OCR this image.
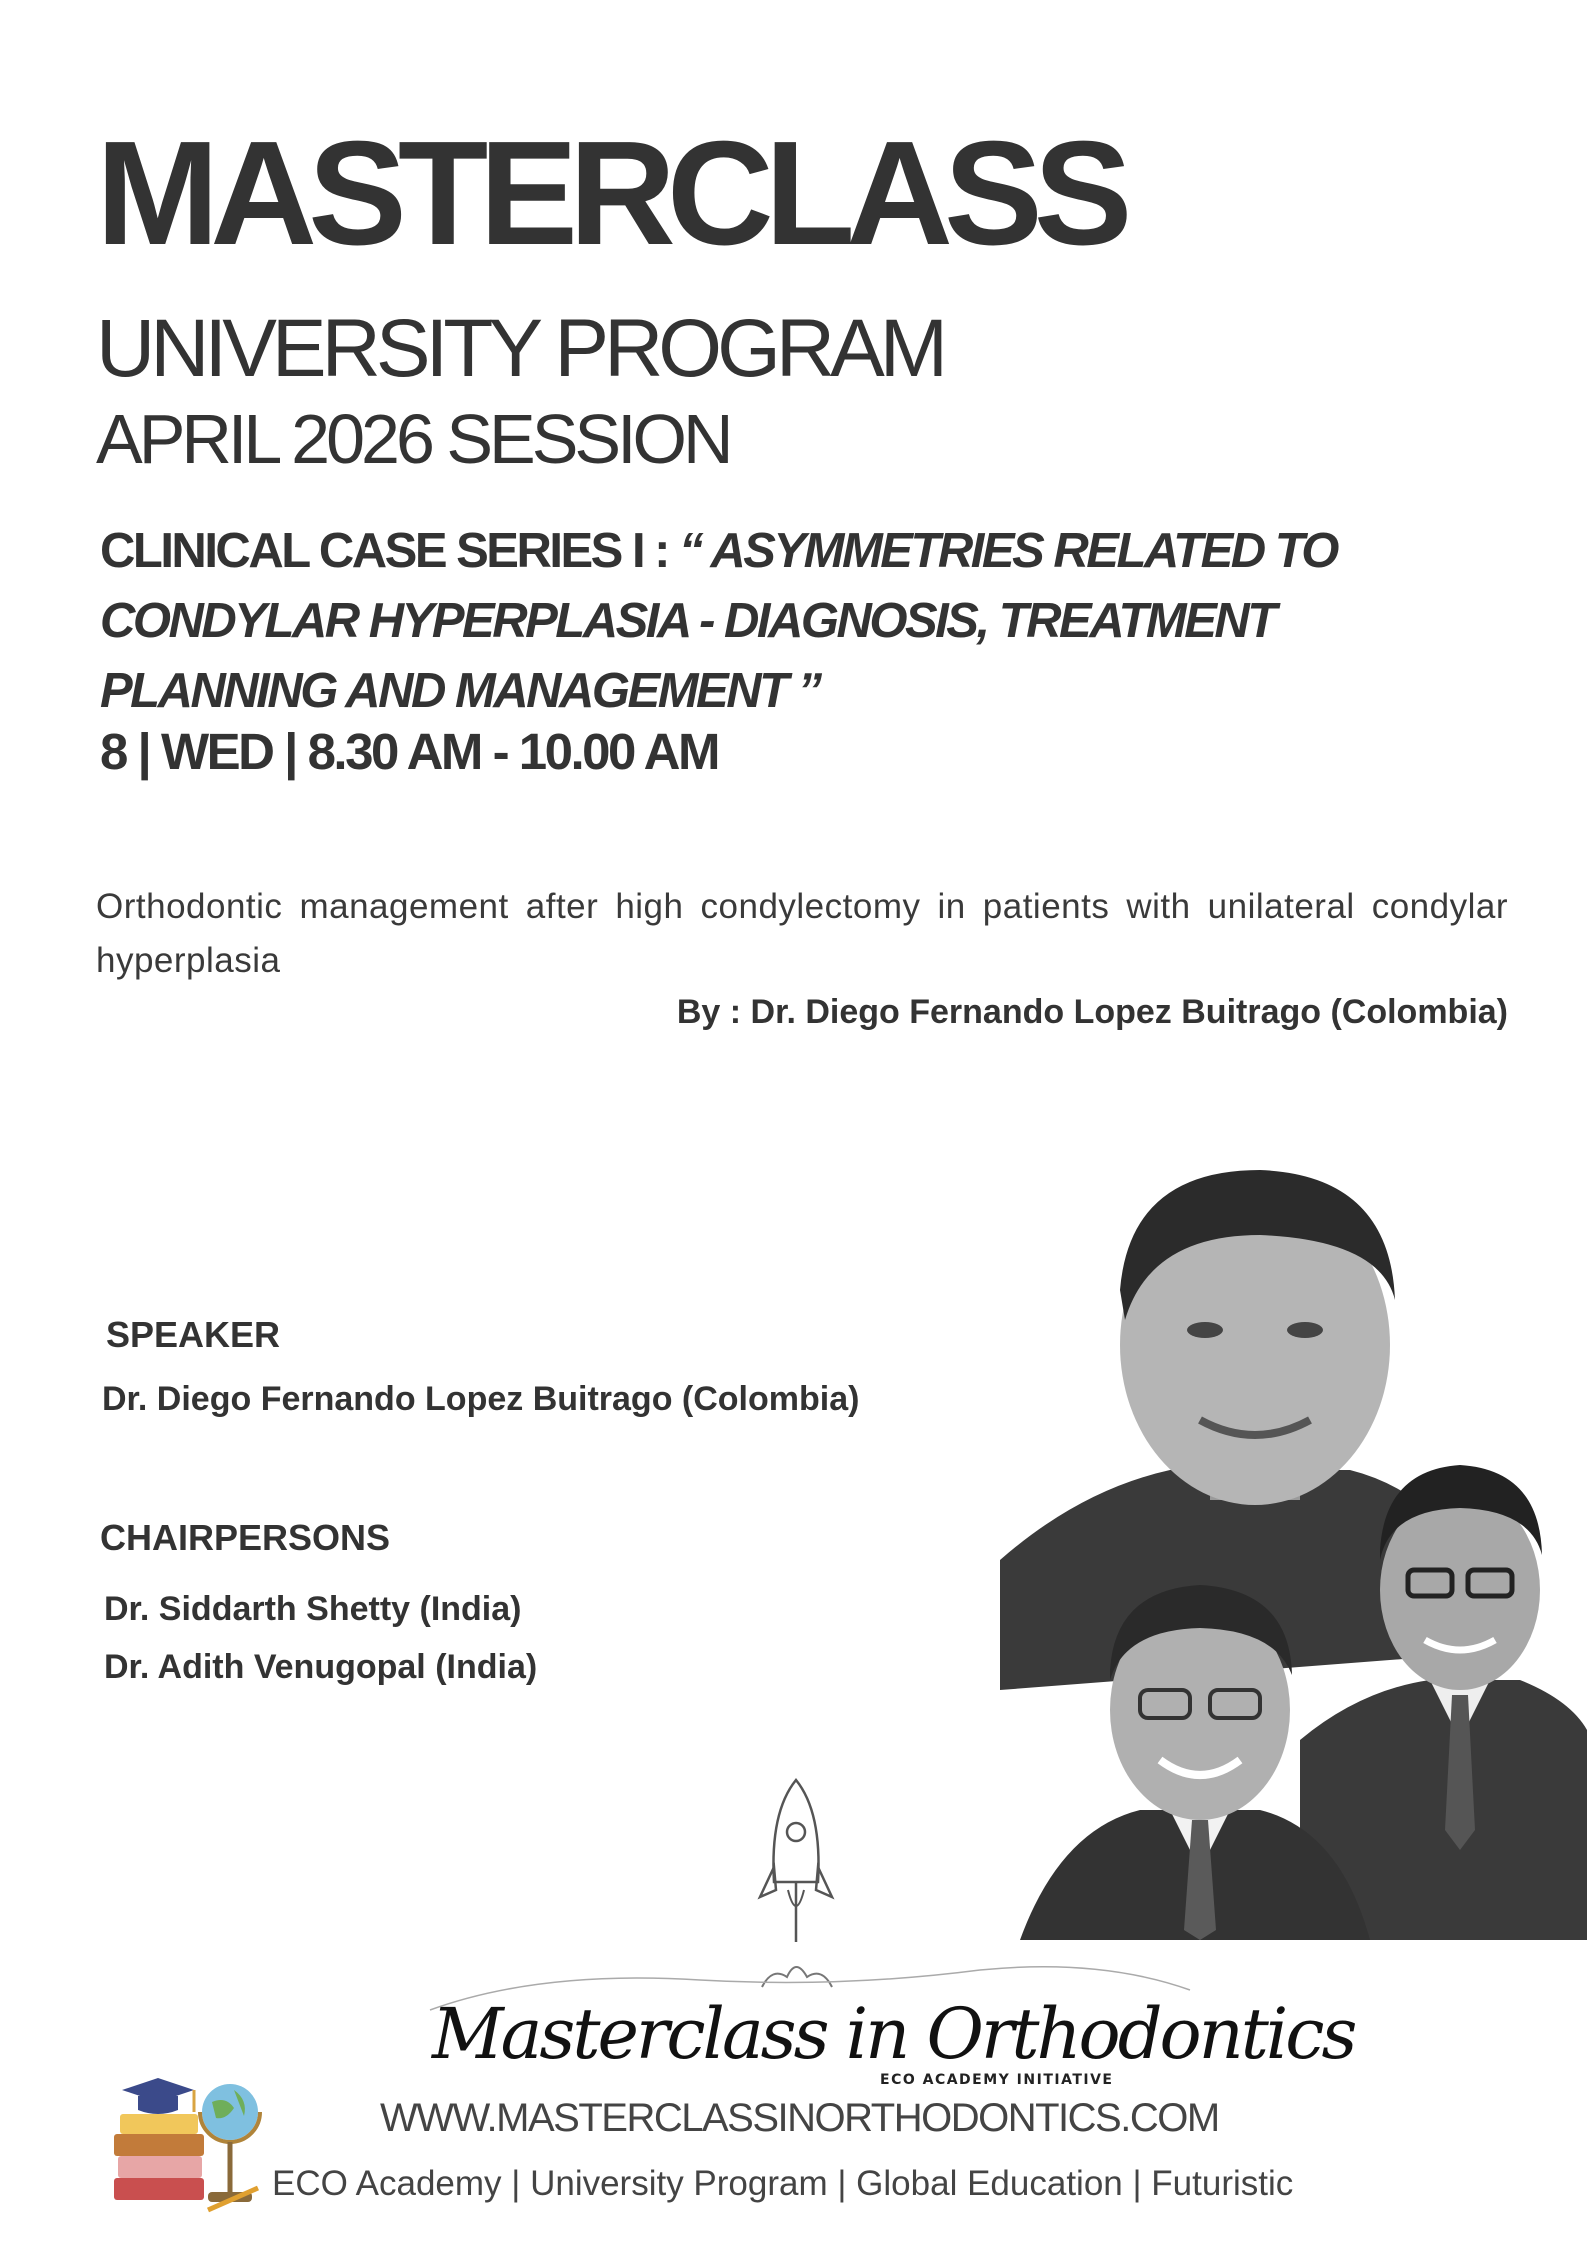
MASTERCLASS
UNIVERSITY PROGRAM
APRIL 2026 SESSION
CLINICAL CASE SERIES I : “ ASYMMETRIES RELATED TO CONDYLAR HYPERPLASIA - DIAGNOSIS, TREATMENT PLANNING AND MANAGEMENT ”
8 | WED | 8.30 AM - 10.00 AM
Orthodontic management after high condylectomy in patients with unilateral condylar hyperplasia
By : Dr. Diego Fernando Lopez Buitrago (Colombia)
SPEAKER
Dr. Diego Fernando Lopez Buitrago (Colombia)
CHAIRPERSONS
Dr. Siddarth Shetty (India)
Dr. Adith Venugopal (India)
Masterclass in Orthodontics
ECO ACADEMY INITIATIVE
WWW.MASTERCLASSINORTHODONTICS.COM
ECO Academy | University Program | Global Education | Futuristic
